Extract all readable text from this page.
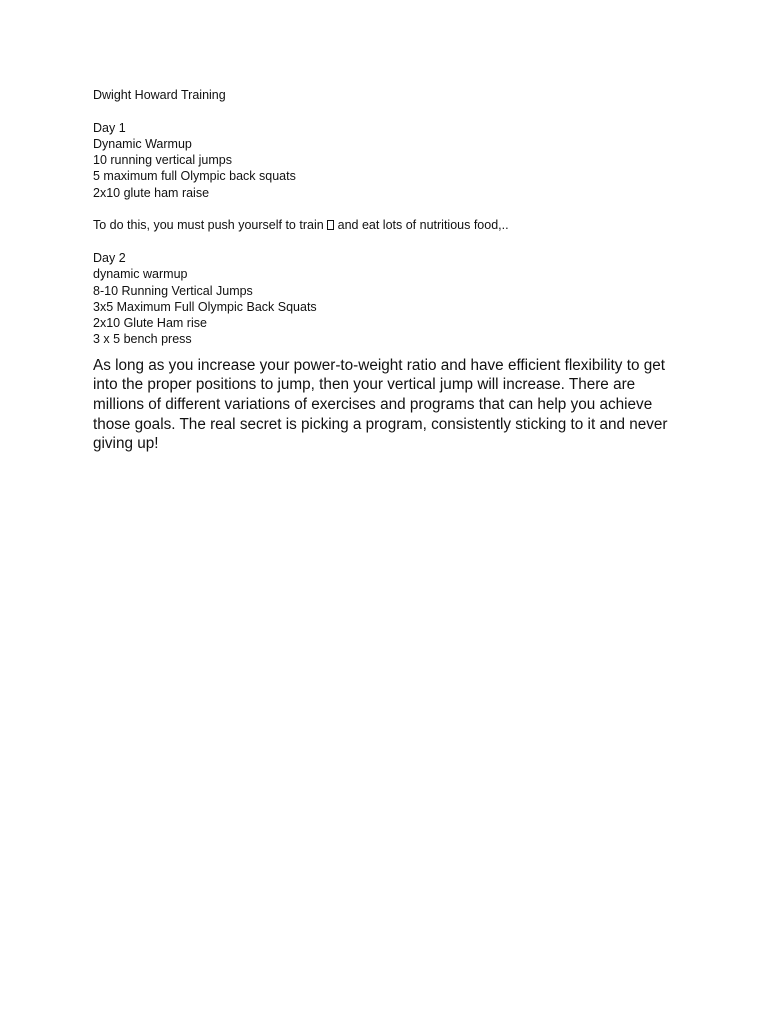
Dwight Howard Training
Day 1
Dynamic Warmup
10 running vertical jumps
5 maximum full Olympic back squats
2x10 glute ham raise
To do this, you must push yourself to train  and eat lots of nutritious food,..
Day 2
dynamic warmup
8-10 Running Vertical Jumps
3x5 Maximum Full Olympic Back Squats
2x10 Glute Ham rise
3 x 5 bench press

As long as you increase your power-to-weight ratio and have efficient flexibility to get into the proper positions to jump, then your vertical jump will increase. There are millions of different variations of exercises and programs that can help you achieve those goals. The real secret is picking a program, consistently sticking to it and never giving up!
